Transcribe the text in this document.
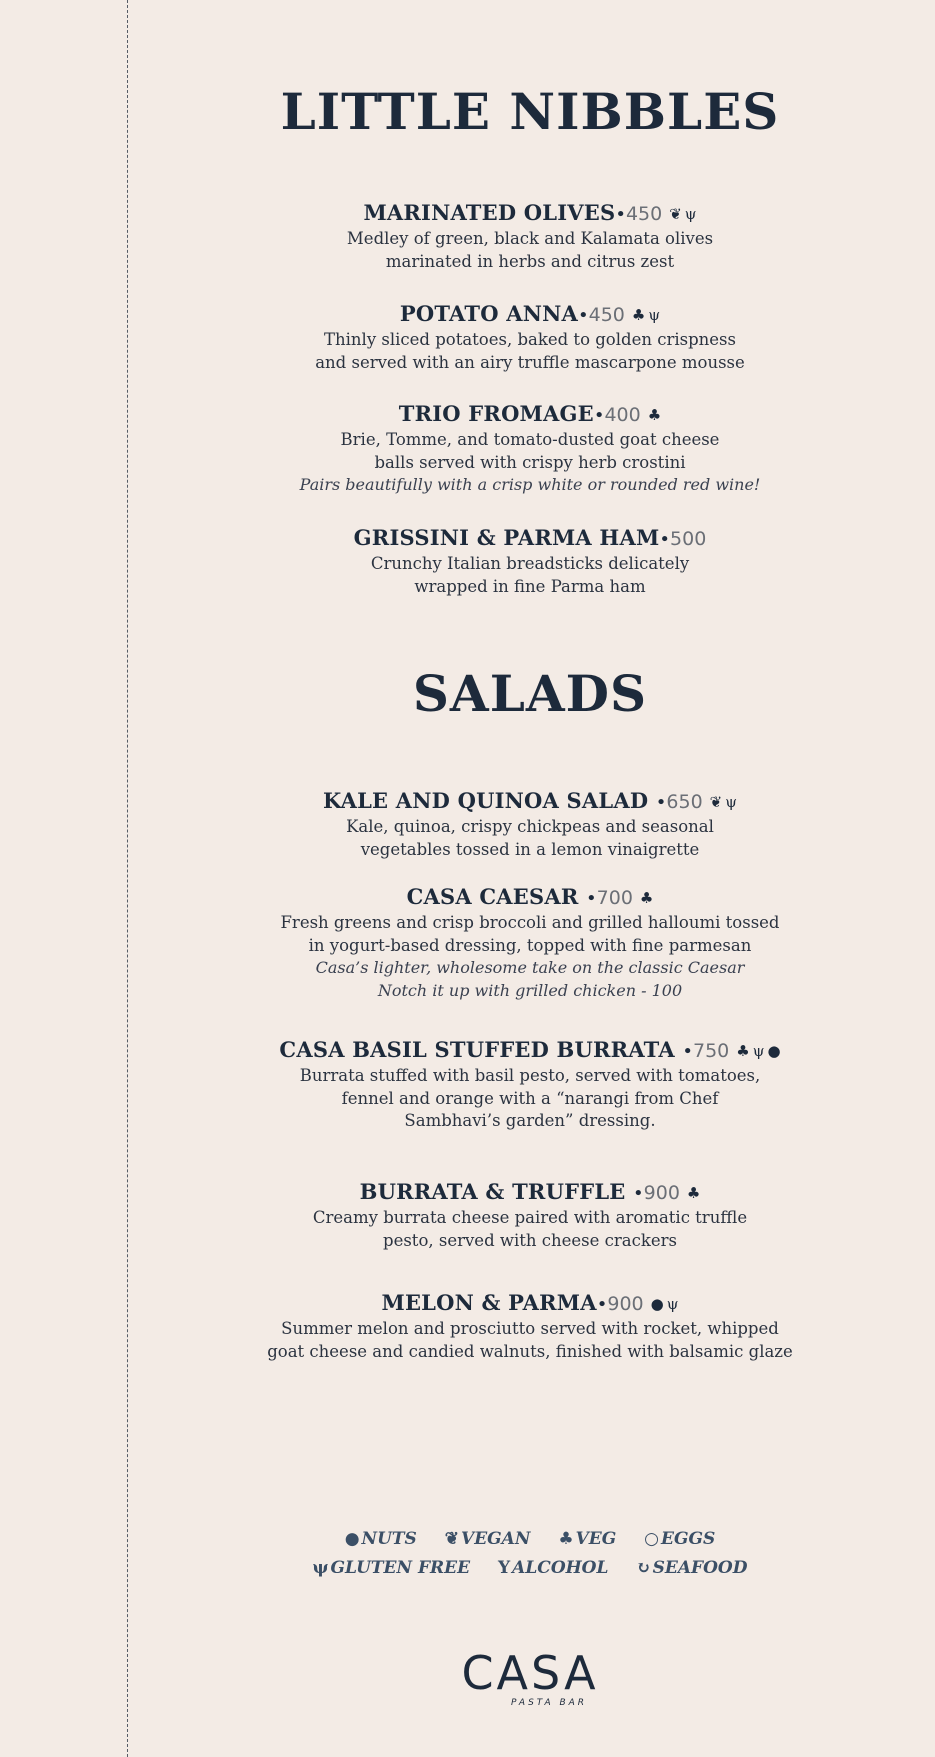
LITTLE NIBBLES
MARINATED OLIVES•450 ❦ ψ
Medley of green, black and Kalamata olives
marinated in herbs and citrus zest
POTATO ANNA•450 ♣ ψ
Thinly sliced potatoes, baked to golden crispness
and served with an airy truffle mascarpone mousse
TRIO FROMAGE•400 ♣
Brie, Tomme, and tomato-dusted goat cheese
balls served with crispy herb crostini
Pairs beautifully with a crisp white or rounded red wine!
GRISSINI & PARMA HAM•500
Crunchy Italian breadsticks delicately
wrapped in fine Parma ham
SALADS
KALE AND QUINOA SALAD •650 ❦ ψ
Kale, quinoa, crispy chickpeas and seasonal
vegetables tossed in a lemon vinaigrette
CASA CAESAR •700 ♣
Fresh greens and crisp broccoli and grilled halloumi tossed
in yogurt-based dressing, topped with fine parmesan
Casa’s lighter, wholesome take on the classic Caesar
Notch it up with grilled chicken - 100
CASA BASIL STUFFED BURRATA •750 ♣ ψ ●
Burrata stuffed with basil pesto, served with tomatoes,
fennel and orange with a “narangi from Chef
Sambhavi’s garden” dressing.
BURRATA & TRUFFLE •900 ♣
Creamy burrata cheese paired with aromatic truffle
pesto, served with cheese crackers
MELON & PARMA•900 ● ψ
Summer melon and prosciutto served with rocket, whipped
goat cheese and candied walnuts, finished with balsamic glaze
● NUTS ❦ VEGAN ♣ VEG ○ EGGS
ψ GLUTEN FREE Y ALCOHOL ↻ SEAFOOD
CASA
PASTA BAR
